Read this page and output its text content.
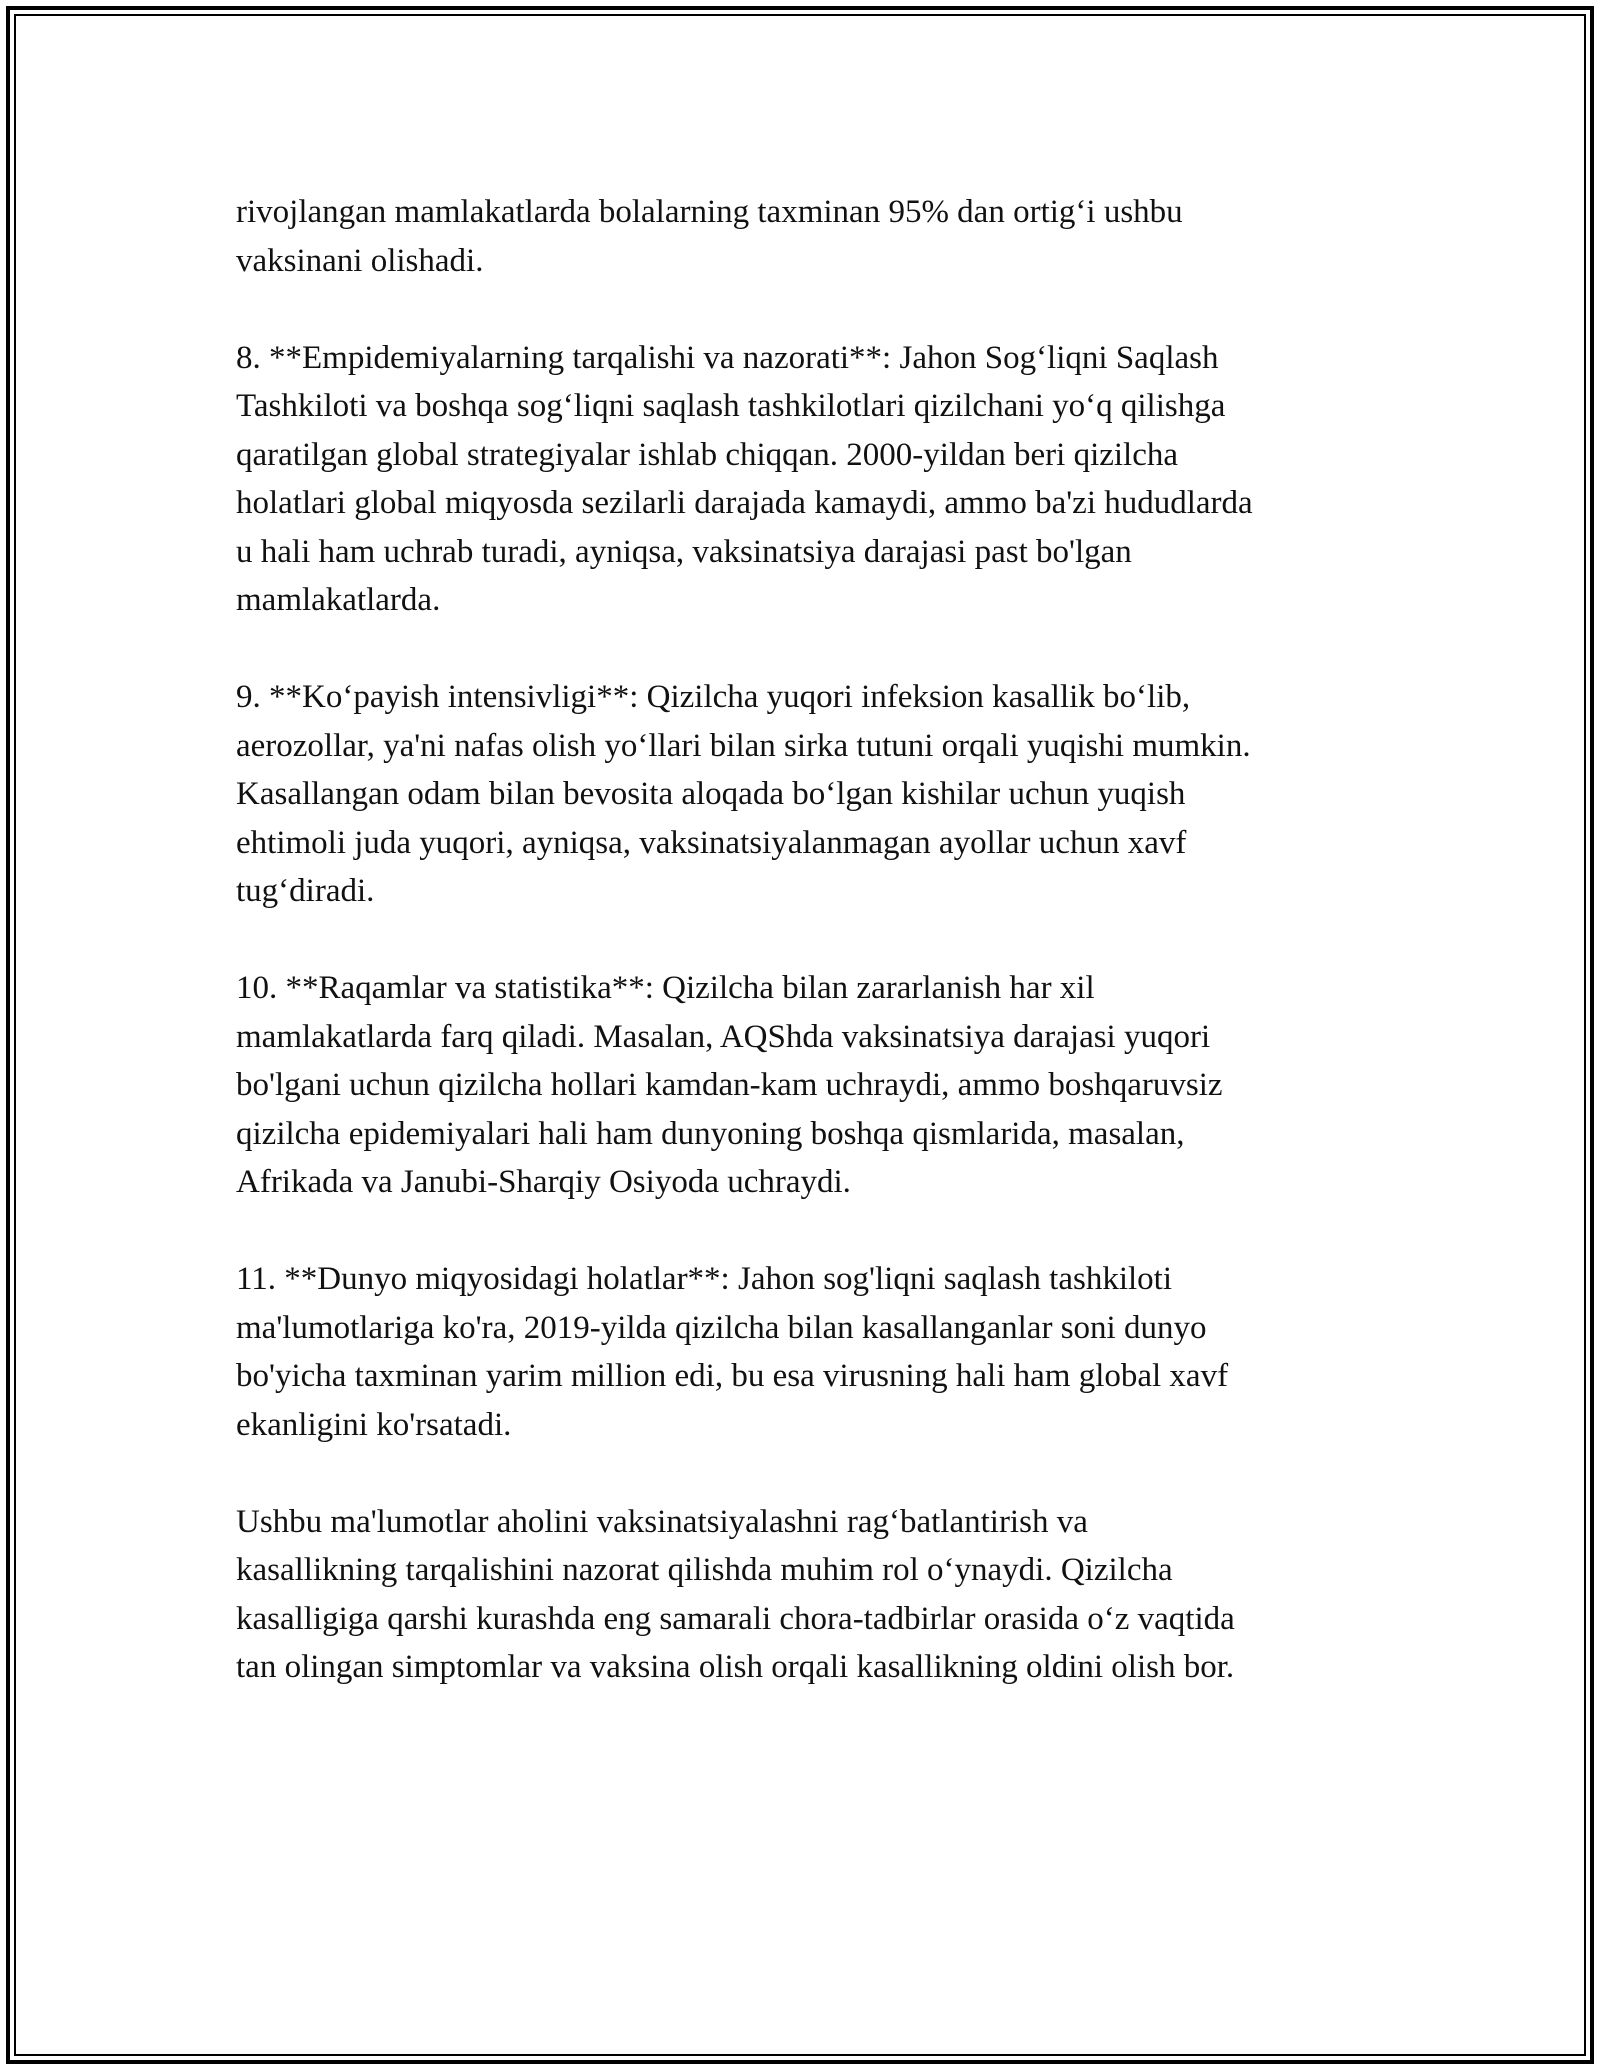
rivojlangan mamlakatlarda bolalarning taxminan 95% dan ortig‘i ushbu
vaksinani olishadi.

8. **Empidemiyalarning tarqalishi va nazorati**: Jahon Sog‘liqni Saqlash
Tashkiloti va boshqa sog‘liqni saqlash tashkilotlari qizilchani yo‘q qilishga
qaratilgan global strategiyalar ishlab chiqqan. 2000-yildan beri qizilcha
holatlari global miqyosda sezilarli darajada kamaydi, ammo ba'zi hududlarda
u hali ham uchrab turadi, ayniqsa, vaksinatsiya darajasi past bo'lgan
mamlakatlarda.

9. **Ko‘payish intensivligi**: Qizilcha yuqori infeksion kasallik bo‘lib,
aerozollar, ya'ni nafas olish yo‘llari bilan sirka tutuni orqali yuqishi mumkin.
Kasallangan odam bilan bevosita aloqada bo‘lgan kishilar uchun yuqish
ehtimoli juda yuqori, ayniqsa, vaksinatsiyalanmagan ayollar uchun xavf
tug‘diradi.

10. **Raqamlar va statistika**: Qizilcha bilan zararlanish har xil
mamlakatlarda farq qiladi. Masalan, AQShda vaksinatsiya darajasi yuqori
bo'lgani uchun qizilcha hollari kamdan-kam uchraydi, ammo boshqaruvsiz
qizilcha epidemiyalari hali ham dunyoning boshqa qismlarida, masalan,
Afrikada va Janubi-Sharqiy Osiyoda uchraydi.

11. **Dunyo miqyosidagi holatlar**: Jahon sog'liqni saqlash tashkiloti
ma'lumotlariga ko'ra, 2019-yilda qizilcha bilan kasallanganlar soni dunyo
bo'yicha taxminan yarim million edi, bu esa virusning hali ham global xavf
ekanligini ko'rsatadi.

Ushbu ma'lumotlar aholini vaksinatsiyalashni rag‘batlantirish va
kasallikning tarqalishini nazorat qilishda muhim rol o‘ynaydi. Qizilcha
kasalligiga qarshi kurashda eng samarali chora-tadbirlar orasida o‘z vaqtida
tan olingan simptomlar va vaksina olish orqali kasallikning oldini olish bor.
